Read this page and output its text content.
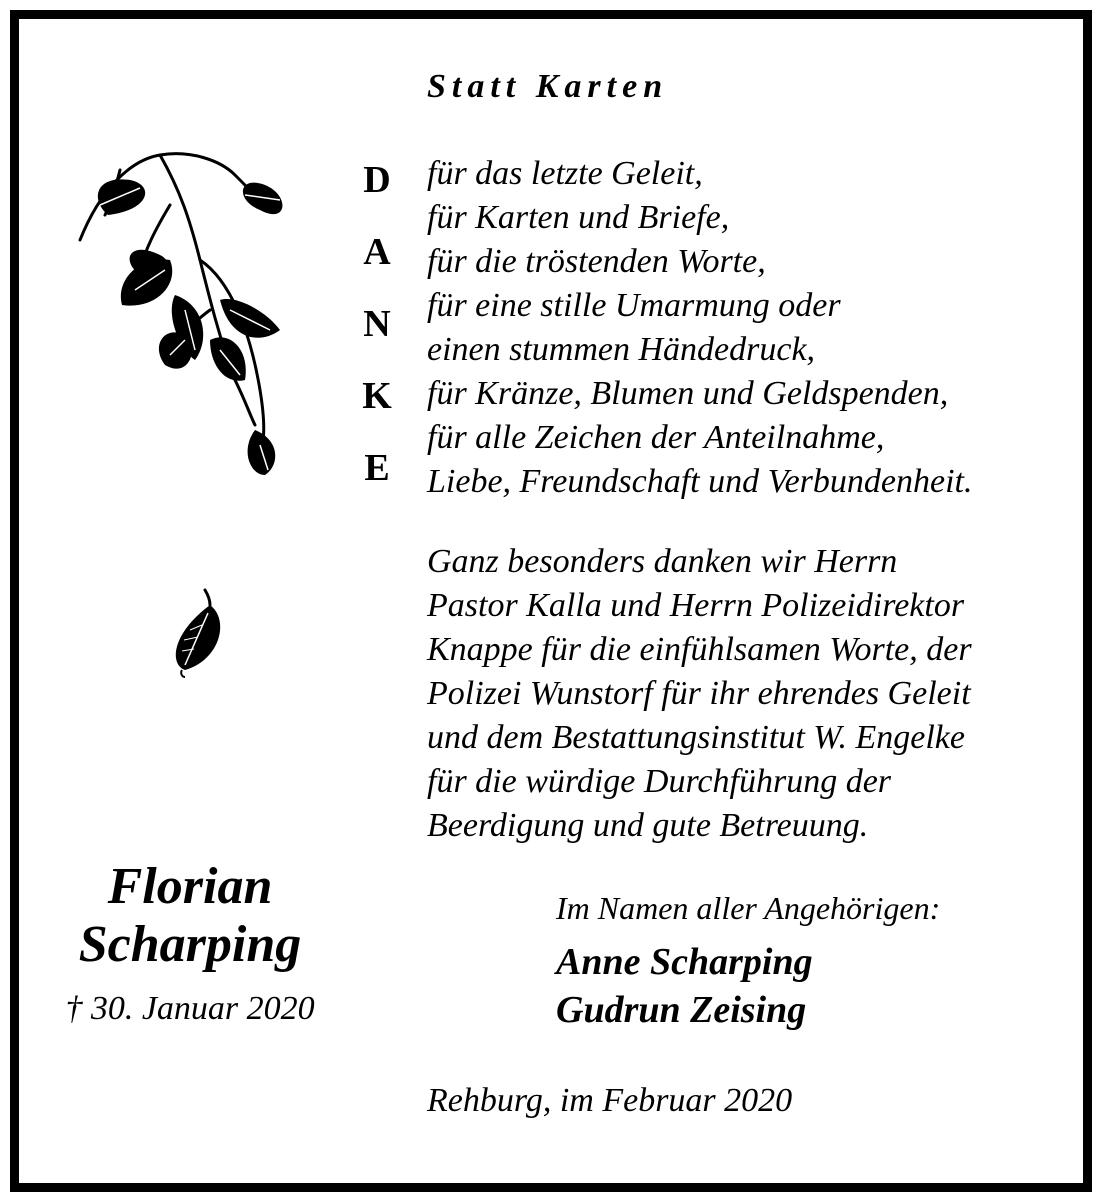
Statt Karten
D
A
N
K
E
für das letzte Geleit,
für Karten und Briefe,
für die tröstenden Worte,
für eine stille Umarmung oder
einen stummen Händedruck,
für Kränze, Blumen und Geldspenden,
für alle Zeichen der Anteilnahme,
Liebe, Freundschaft und Verbundenheit.
Ganz besonders danken wir Herrn
Pastor Kalla und Herrn Polizeidirektor
Knappe für die einfühlsamen Worte, der
Polizei Wunstorf für ihr ehrendes Geleit
und dem Bestattungsinstitut W. Engelke
für die würdige Durchführung der
Beerdigung und gute Betreuung.
Florian
Scharping
† 30. Januar 2020
Im Namen aller Angehörigen:
Anne Scharping
Gudrun Zeising
Rehburg, im Februar 2020
